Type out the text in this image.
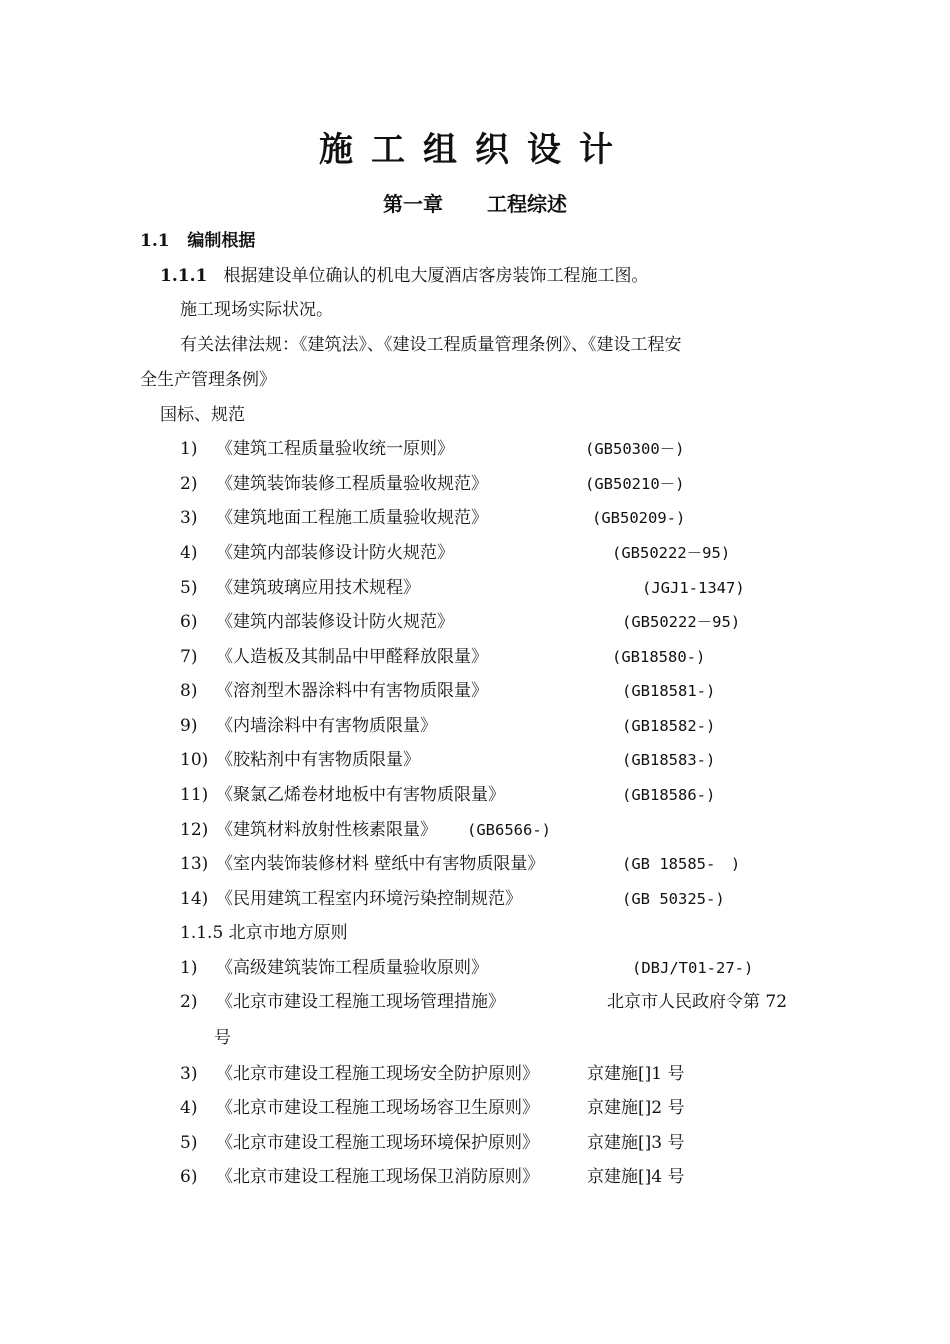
施工组织设计
第一章 工程综述
1.1 编制根据
1.1.1 根据建设单位确认的机电大厦酒店客房装饰工程施工图。
施工现场实际状况。
有关法律法规：《建筑法》、《建设工程质量管理条例》、《建设工程安
全生产管理条例》
国标、规范
1) 《建筑工程质量验收统一原则》	(GB50300－)
2) 《建筑装饰装修工程质量验收规范》	(GB50210－)
3) 《建筑地面工程施工质量验收规范》	(GB50209-)
4) 《建筑内部装修设计防火规范》	(GB50222－95)
5) 《建筑玻璃应用技术规程》	(JGJ1-1347)
6) 《建筑内部装修设计防火规范》	(GB50222－95)
7) 《人造板及其制品中甲醛释放限量》	(GB18580-)
8) 《溶剂型木器涂料中有害物质限量》	(GB18581-)
9) 《内墙涂料中有害物质限量》	(GB18582-)
10) 《胶粘剂中有害物质限量》	(GB18583-)
11) 《聚氯乙烯卷材地板中有害物质限量》	(GB18586-)
12) 《建筑材料放射性核素限量》 (GB6566-)
13) 《室内装饰装修材料 壁纸中有害物质限量》	(GB 18585-　)
14) 《民用建筑工程室内环境污染控制规范》	(GB 50325-)
1.1.5 北京市地方原则
1) 《高级建筑装饰工程质量验收原则》	(DBJ/T01-27-)
2) 《北京市建设工程施工现场管理措施》	北京市人民政府令第 72
号
3) 《北京市建设工程施工现场安全防护原则》	京建施[]1 号
4) 《北京市建设工程施工现场场容卫生原则》	京建施[]2 号
5) 《北京市建设工程施工现场环境保护原则》	京建施[]3 号
6) 《北京市建设工程施工现场保卫消防原则》	京建施[]4 号
